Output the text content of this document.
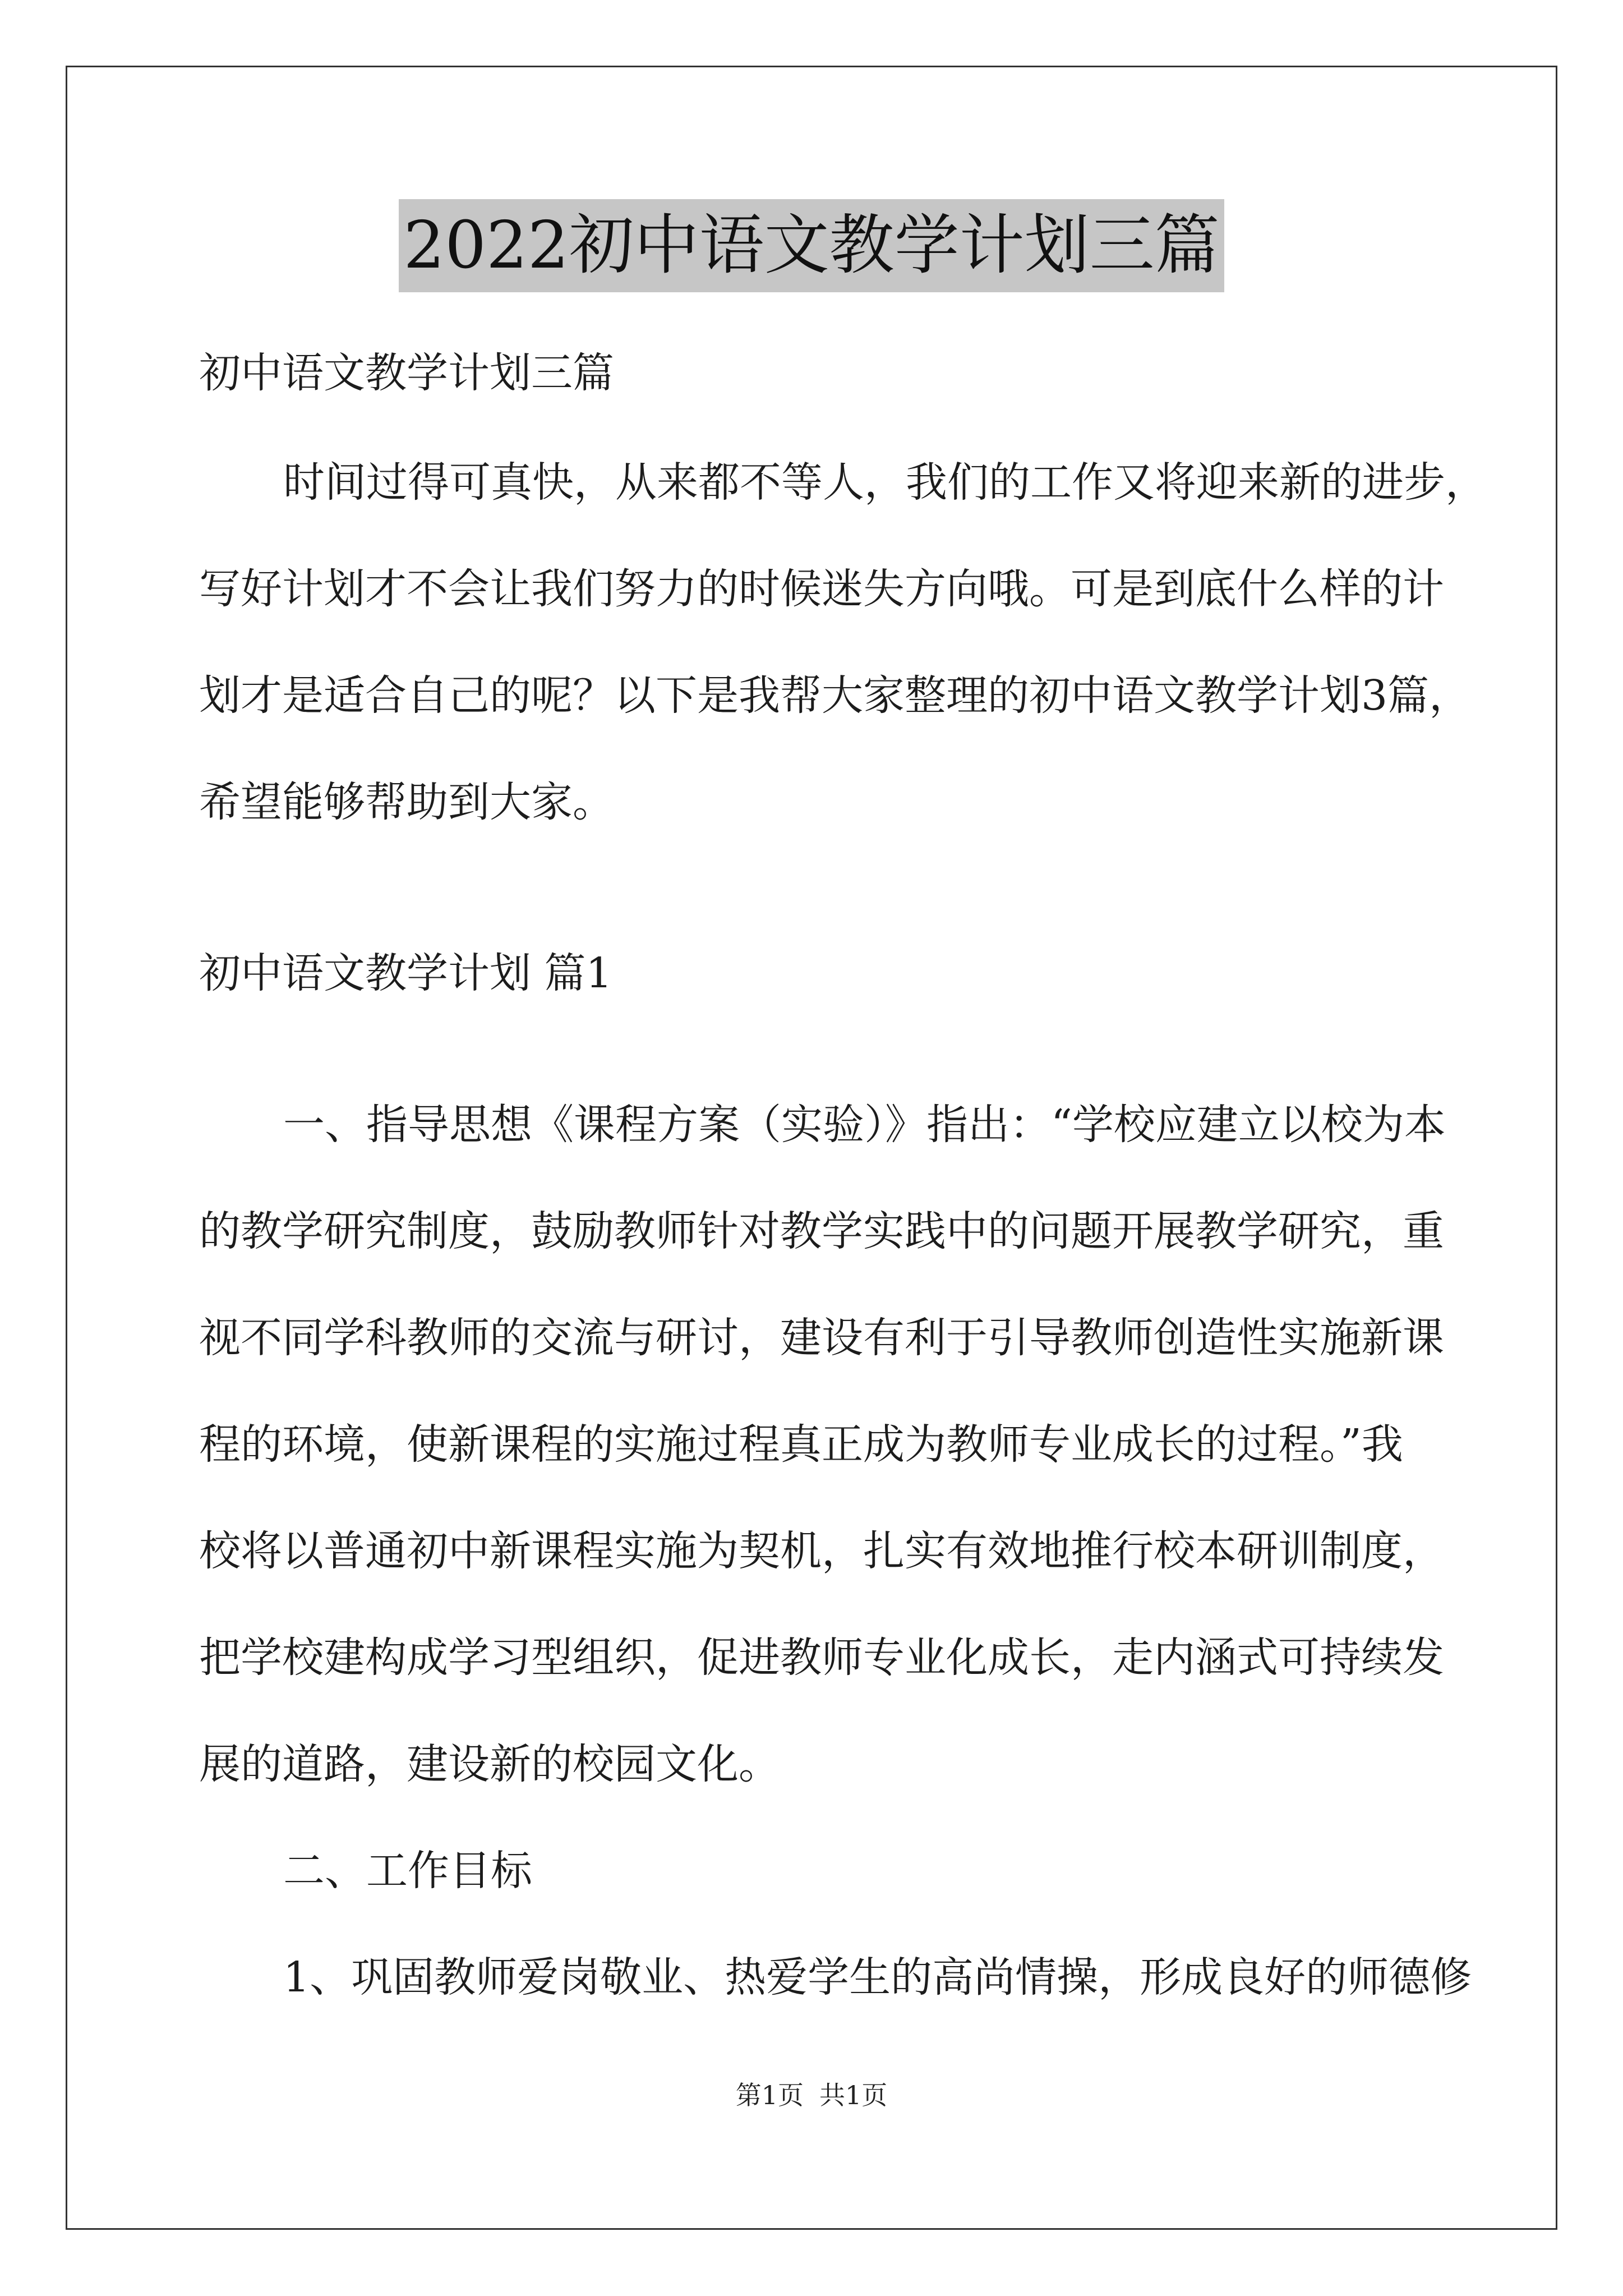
2022初中语文教学计划三篇
初中语文教学计划三篇
时间过得可真快，从来都不等人，我们的工作又将迎来新的进步，
写好计划才不会让我们努力的时候迷失方向哦。可是到底什么样的计
划才是适合自己的呢？以下是我帮大家整理的初中语文教学计划3篇，
希望能够帮助到大家。
初中语文教学计划 篇1
一、指导思想《课程方案（实验）》指出：“学校应建立以校为本
的教学研究制度，鼓励教师针对教学实践中的问题开展教学研究，重
视不同学科教师的交流与研讨，建设有利于引导教师创造性实施新课
程的环境，使新课程的实施过程真正成为教师专业成长的过程。”我
校将以普通初中新课程实施为契机，扎实有效地推行校本研训制度，
把学校建构成学习型组织，促进教师专业化成长，走内涵式可持续发
展的道路，建设新的校园文化。
二、工作目标
1、巩固教师爱岗敬业、热爱学生的高尚情操，形成良好的师德修
第1页 共1页
